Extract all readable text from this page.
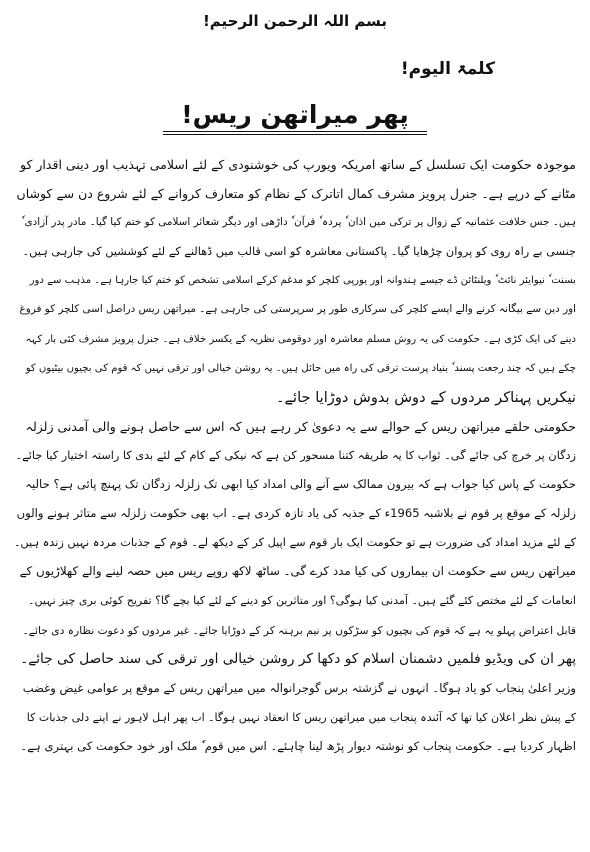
بسم اللہ الرحمن الرحیم!
کلمۃ الیوم!
پھر میراتھن ریس!
موجودہ حکومت ایک تسلسل کے ساتھ امریکہ ویورپ کی خوشنودی کے لئے اسلامی تہذیب اور دینی اقدار کو
مٹانے کے درپے ہے۔ جنرل پرویز مشرف کمال اتاترک کے نظام کو متعارف کروانے کے لئے شروع دن سے کوشاں
ہیں۔ جس خلافت عثمانیہ کے زوال پر ترکی میں اذان ٗ پردہ ٗ قرآن ٗ داڑھی اور دیگر شعائر اسلامی کو ختم کیا گیا۔ مادر پدر آزادی ٗ
جنسی بے راہ روی کو پروان چڑھایا گیا۔ پاکستانی معاشرہ کو اسی قالب میں ڈھالنے کے لئے کوششیں کی جارہی ہیں۔
بسنت ٗ نیوایئر نائٹ ٗ ویلنٹائن ڈے جیسے ہندوانہ اور یورپی کلچر کو مدغم کرکے اسلامی تشخص کو ختم کیا جارہا ہے۔ مذہب سے دور
اور دین سے بیگانہ کرنے والے ایسے کلچر کی سرکاری طور پر سرپرستی کی جارہی ہے۔ میراتھن ریس دراصل اسی کلچر کو فروغ
دینے کی ایک کڑی ہے۔ حکومت کی یہ روش مسلم معاشرہ اور دوقومی نظریہ کے یکسر خلاف ہے۔ جنرل پرویز مشرف کئی بار کہہ
چکے ہیں کہ چند رجعت پسند ٗ بنیاد پرست ترقی کی راہ میں حائل ہیں۔ یہ روشن خیالی اور ترقی نہیں کہ قوم کی بچیوں بیٹیوں کو
نیکریں پہناکر مردوں کے دوش بدوش دوڑایا جائے۔
حکومتی حلقے میراتھن ریس کے حوالے سے یہ دعویٰ کر رہے ہیں کہ اس سے حاصل ہونے والی آمدنی زلزلہ
زدگان پر خرچ کی جائے گی۔ ثواب کا یہ طریقہ کتنا مسحور کن ہے کہ نیکی کے کام کے لئے بدی کا راستہ اختیار کیا جائے۔
حکومت کے پاس کیا جواب ہے کہ بیرون ممالک سے آنے والی امداد کیا ابھی تک زلزلہ زدگان تک پہنچ پائی ہے؟ حالیہ
زلزلہ کے موقع پر قوم نے بلاشبہ 1965ء کے جذبہ کی یاد تازہ کردی ہے۔ اب بھی حکومت زلزلہ سے متاثر ہونے والوں
کے لئے مزید امداد کی ضرورت ہے تو حکومت ایک بار قوم سے اپیل کر کے دیکھ لے۔ قوم کے جذبات مردہ نہیں زندہ ہیں۔
میراتھن ریس سے حکومت ان بیماروں کی کیا مدد کرے گی۔ ساٹھ لاکھ روپے ریس میں حصہ لینے والے کھلاڑیوں کے
انعامات کے لئے مختص کئے گئے ہیں۔ آمدنی کیا ہوگی؟ اور متاثرین کو دینے کے لئے کیا بچے گا؟ تفریح کوئی بری چیز نہیں۔
قابل اعتراض پہلو یہ ہے کہ قوم کی بچیوں کو سڑکوں پر نیم برہنہ کر کے دوڑایا جائے۔ غیر مردوں کو دعوت نظارہ دی جائے۔
پھر ان کی ویڈیو فلمیں دشمنان اسلام کو دکھا کر روشن خیالی اور ترقی کی سند حاصل کی جائے۔
وزیر اعلیٰ پنجاب کو یاد ہوگا۔ انہوں نے گزشتہ برس گوجرانوالہ میں میراتھن ریس کے موقع پر عوامی غیض وغضب
کے پیش نظر اعلان کیا تھا کہ آئندہ پنجاب میں میراتھن ریس کا انعقاد نہیں ہوگا۔ اب پھر اہل لاہور نے اپنے دلی جذبات کا
اظہار کردیا ہے۔ حکومت پنجاب کو نوشتہ دیوار پڑھ لینا چاہئے۔ اس میں قوم ٗ ملک اور خود حکومت کی بہتری ہے۔
